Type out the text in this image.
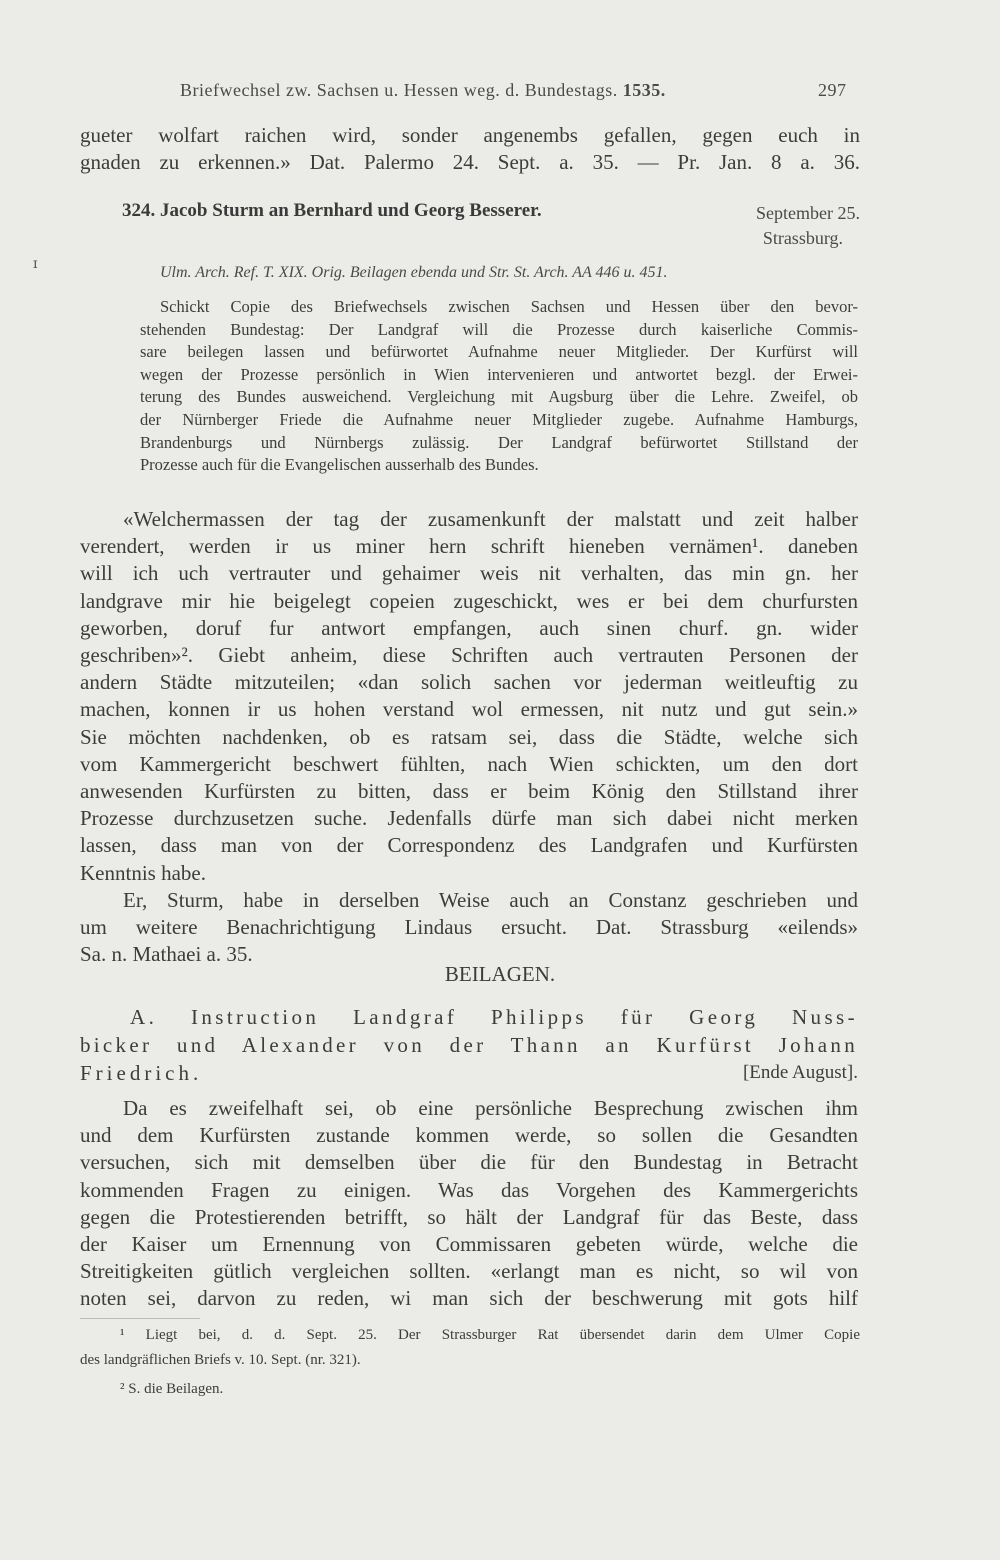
Briefwechsel zw. Sachsen u. Hessen weg. d. Bundestags. 1535.	297
gueter wolfart raichen wird, sonder angenembs gefallen, gegen euch in
gnaden zu erkennen.» Dat. Palermo 24. Sept. a. 35. — Pr. Jan. 8 a. 36.
324. Jacob Sturm an Bernhard und Georg Besserer.	September 25.
Strassburg.
ɪ	Ulm. Arch. Ref. T. XIX. Orig. Beilagen ebenda und Str. St. Arch. AA 446 u. 451.
Schickt Copie des Briefwechsels zwischen Sachsen und Hessen über den bevor-
stehenden Bundestag: Der Landgraf will die Prozesse durch kaiserliche Commis-
sare beilegen lassen und befürwortet Aufnahme neuer Mitglieder. Der Kurfürst will
wegen der Prozesse persönlich in Wien intervenieren und antwortet bezgl. der Erwei-
terung des Bundes ausweichend. Vergleichung mit Augsburg über die Lehre. Zweifel, ob
der Nürnberger Friede die Aufnahme neuer Mitglieder zugebe. Aufnahme Hamburgs,
Brandenburgs und Nürnbergs zulässig. Der Landgraf befürwortet Stillstand der
Prozesse auch für die Evangelischen ausserhalb des Bundes.
«Welchermassen der tag der zusamenkunft der malstatt und zeit halber
verendert, werden ir us miner hern schrift hieneben vernämen¹. daneben
will ich uch vertrauter und gehaimer weis nit verhalten, das min gn. her
landgrave mir hie beigelegt copeien zugeschickt, wes er bei dem churfursten
geworben, doruf fur antwort empfangen, auch sinen churf. gn. wider
geschriben»². Giebt anheim, diese Schriften auch vertrauten Personen der
andern Städte mitzuteilen; «dan solich sachen vor jederman weitleuftig zu
machen, konnen ir us hohen verstand wol ermessen, nit nutz und gut sein.»
Sie möchten nachdenken, ob es ratsam sei, dass die Städte, welche sich
vom Kammergericht beschwert fühlten, nach Wien schickten, um den dort
anwesenden Kurfürsten zu bitten, dass er beim König den Stillstand ihrer
Prozesse durchzusetzen suche. Jedenfalls dürfe man sich dabei nicht merken
lassen, dass man von der Correspondenz des Landgrafen und Kurfürsten
Kenntnis habe.
Er, Sturm, habe in derselben Weise auch an Constanz geschrieben und
um weitere Benachrichtigung Lindaus ersucht. Dat. Strassburg «eilends»
Sa. n. Mathaei a. 35.
BEILAGEN.
A. Instruction Landgraf Philipps für Georg Nuss-
bicker und Alexander von der Thann an Kurfürst Johann
Friedrich.	[Ende August].
Da es zweifelhaft sei, ob eine persönliche Besprechung zwischen ihm
und dem Kurfürsten zustande kommen werde, so sollen die Gesandten
versuchen, sich mit demselben über die für den Bundestag in Betracht
kommenden Fragen zu einigen. Was das Vorgehen des Kammergerichts
gegen die Protestierenden betrifft, so hält der Landgraf für das Beste, dass
der Kaiser um Ernennung von Commissaren gebeten würde, welche die
Streitigkeiten gütlich vergleichen sollten. «erlangt man es nicht, so wil von
noten sei, darvon zu reden, wi man sich der beschwerung mit gots hilf
¹ Liegt bei, d. d. Sept. 25. Der Strassburger Rat übersendet darin dem Ulmer Copie
des landgräflichen Briefs v. 10. Sept. (nr. 321).
² S. die Beilagen.
